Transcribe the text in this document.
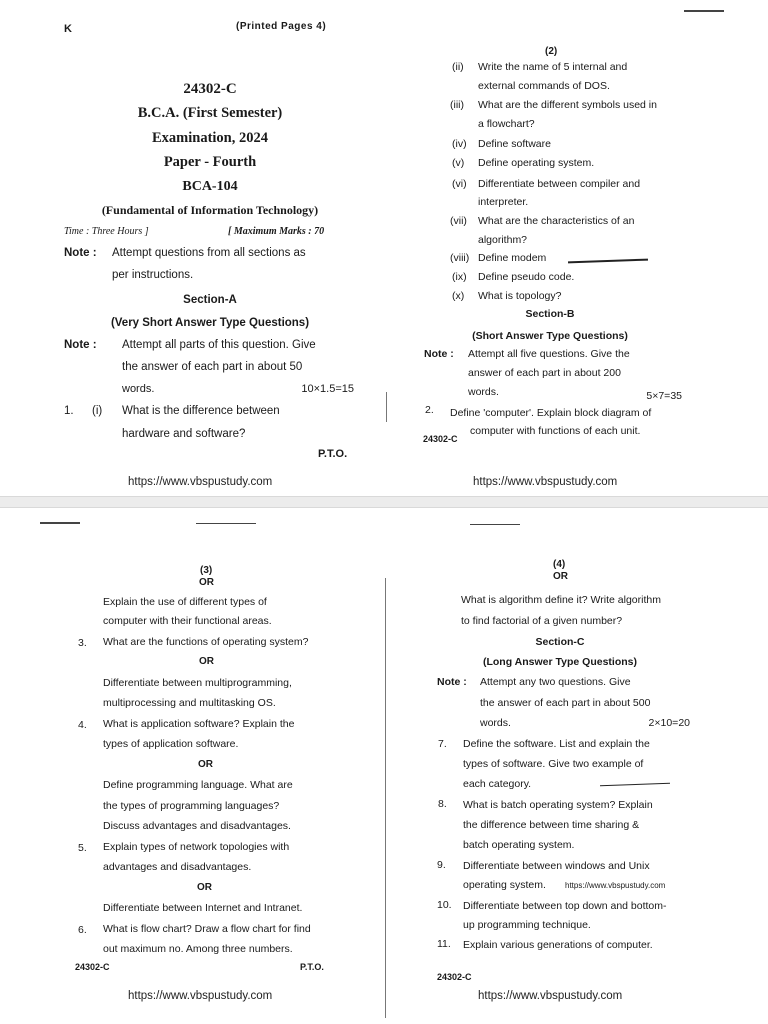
K	(Printed Pages 4)
24302-C
B.C.A. (First Semester)
Examination, 2024
Paper - Fourth
BCA-104
(Fundamental of Information Technology)
Time : Three Hours ]	[ Maximum Marks : 70
Note : Attempt questions from all sections as
per instructions.
Section-A
(Very Short Answer Type Questions)
Note : Attempt all parts of this question. Give
the answer of each part in about 50
words.	10×1.5=15
1. (i) What is the difference between
hardware and software?
P.T.O.
https://www.vbspustudy.com
(2)
(ii) Write the name of 5 internal and
external commands of DOS.
(iii) What are the different symbols used in
a flowchart?
(iv) Define software
(v) Define operating system.
(vi) Differentiate between compiler and
interpreter.
(vii) What are the characteristics of an
algorithm?
(viii) Define modem
(ix) Define pseudo code.
(x) What is topology?
Section-B
(Short Answer Type Questions)
Note : Attempt all five questions. Give the
answer of each part in about 200
words.	5×7=35
2. Define 'computer'. Explain block diagram of
computer with functions of each unit.
24302-C
https://www.vbspustudy.com
(3)
OR
Explain the use of different types of
computer with their functional areas.
3. What are the functions of operating system?
OR
Differentiate between multiprogramming,
multiprocessing and multitasking OS.
4. What is application software? Explain the
types of application software.
OR
Define programming language. What are
the types of programming languages?
Discuss advantages and disadvantages.
5. Explain types of network topologies with
advantages and disadvantages.
OR
Differentiate between Internet and Intranet.
6. What is flow chart? Draw a flow chart for find
out maximum no. Among three numbers.
24302-C	P.T.O.
https://www.vbspustudy.com
(4)
OR
What is algorithm define it? Write algorithm
to find factorial of a given number?
Section-C
(Long Answer Type Questions)
Note : Attempt any two questions. Give
the answer of each part in about 500
words.	2×10=20
7. Define the software. List and explain the
types of software. Give two example of
each category.
8. What is batch operating system? Explain
the difference between time sharing &
batch operating system.
9. Differentiate between windows and Unix
operating system. https://www.vbspustudy.com
10. Differentiate between top down and bottom-
up programming technique.
11. Explain various generations of computer.
24302-C
https://www.vbspustudy.com
